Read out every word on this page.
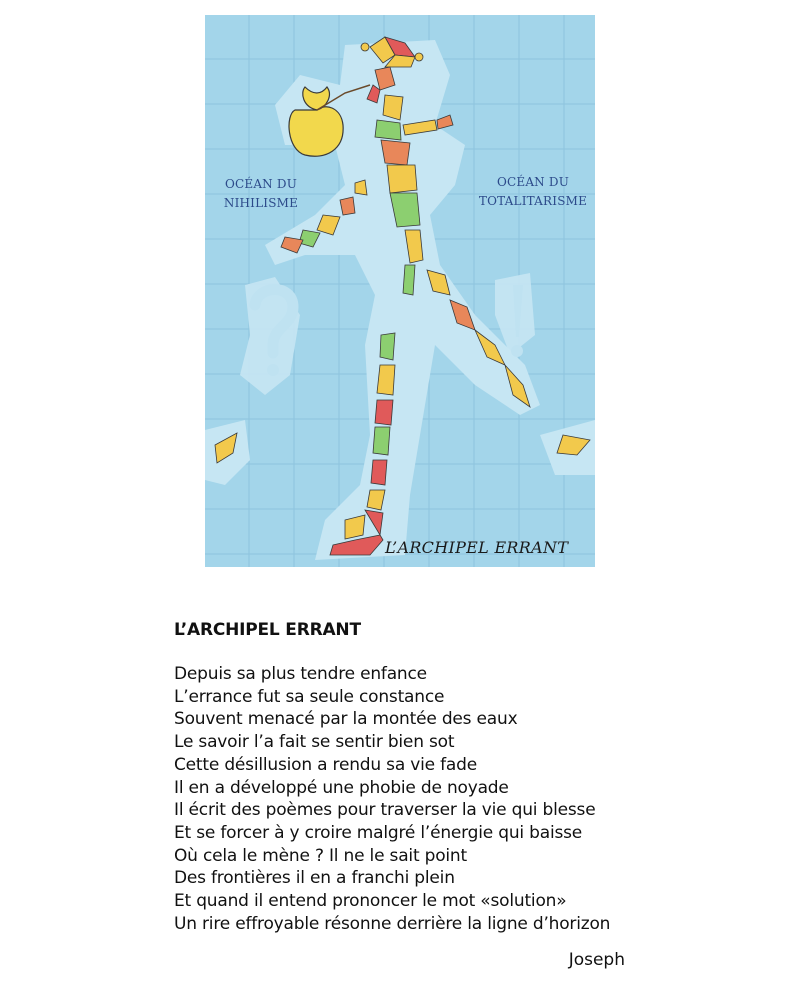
OCÉAN DU
NIHILISME
OCÉAN DU
TOTALITARISME
L’ARCHIPEL ERRANT
L’ARCHIPEL ERRANT
Depuis sa plus tendre enfance
L’errance fut sa seule constance
Souvent menacé par la montée des eaux
Le savoir l’a fait se sentir bien sot
Cette désillusion a rendu sa vie fade
Il en a développé une phobie de noyade
Il écrit des poèmes pour traverser la vie qui blesse
Et se forcer à y croire malgré l’énergie qui baisse
Où cela le mène ? Il ne le sait point
Des frontières il en a franchi plein
Et quand il entend prononcer le mot «solution»
Un rire effroyable résonne derrière la ligne d’horizon
Joseph
